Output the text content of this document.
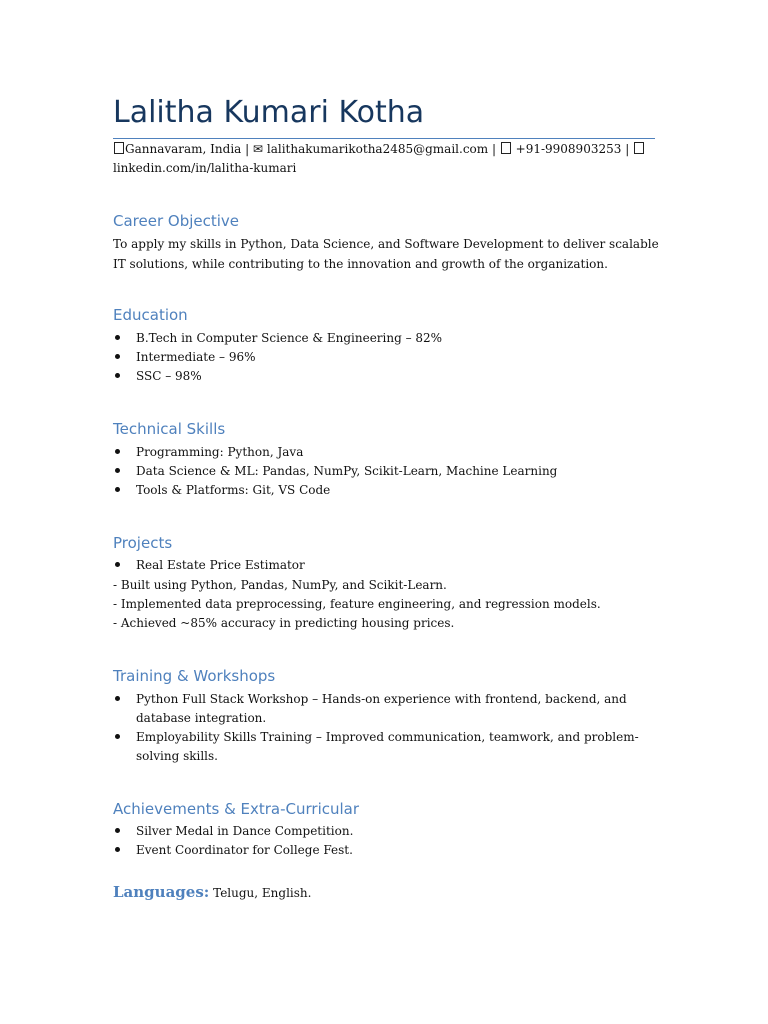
Lalitha Kumari Kotha
Gannavaram, India | ✉ lalithakumarikotha2485@gmail.com |  +91-9908903253 |
linkedin.com/in/lalitha-kumari
Career Objective

To apply my skills in Python, Data Science, and Software Development to deliver scalable IT solutions, while contributing to the innovation and growth of the organization.

Education
B.Tech in Computer Science & Engineering – 82%
Intermediate – 96%
SSC – 98%
Technical Skills
Programming: Python, Java
Data Science & ML: Pandas, NumPy, Scikit-Learn, Machine Learning
Tools & Platforms: Git, VS Code
Projects
Real Estate Price Estimator

- Built using Python, Pandas, NumPy, and Scikit-Learn.

- Implemented data preprocessing, feature engineering, and regression models.

- Achieved ~85% accuracy in predicting housing prices.

Training & Workshops
Python Full Stack Workshop – Hands-on experience with frontend, backend, and database integration.
Employability Skills Training – Improved communication, teamwork, and problem-solving skills.
Achievements & Extra-Curricular
Silver Medal in Dance Competition.
Event Coordinator for College Fest.
Languages: Telugu, English.
